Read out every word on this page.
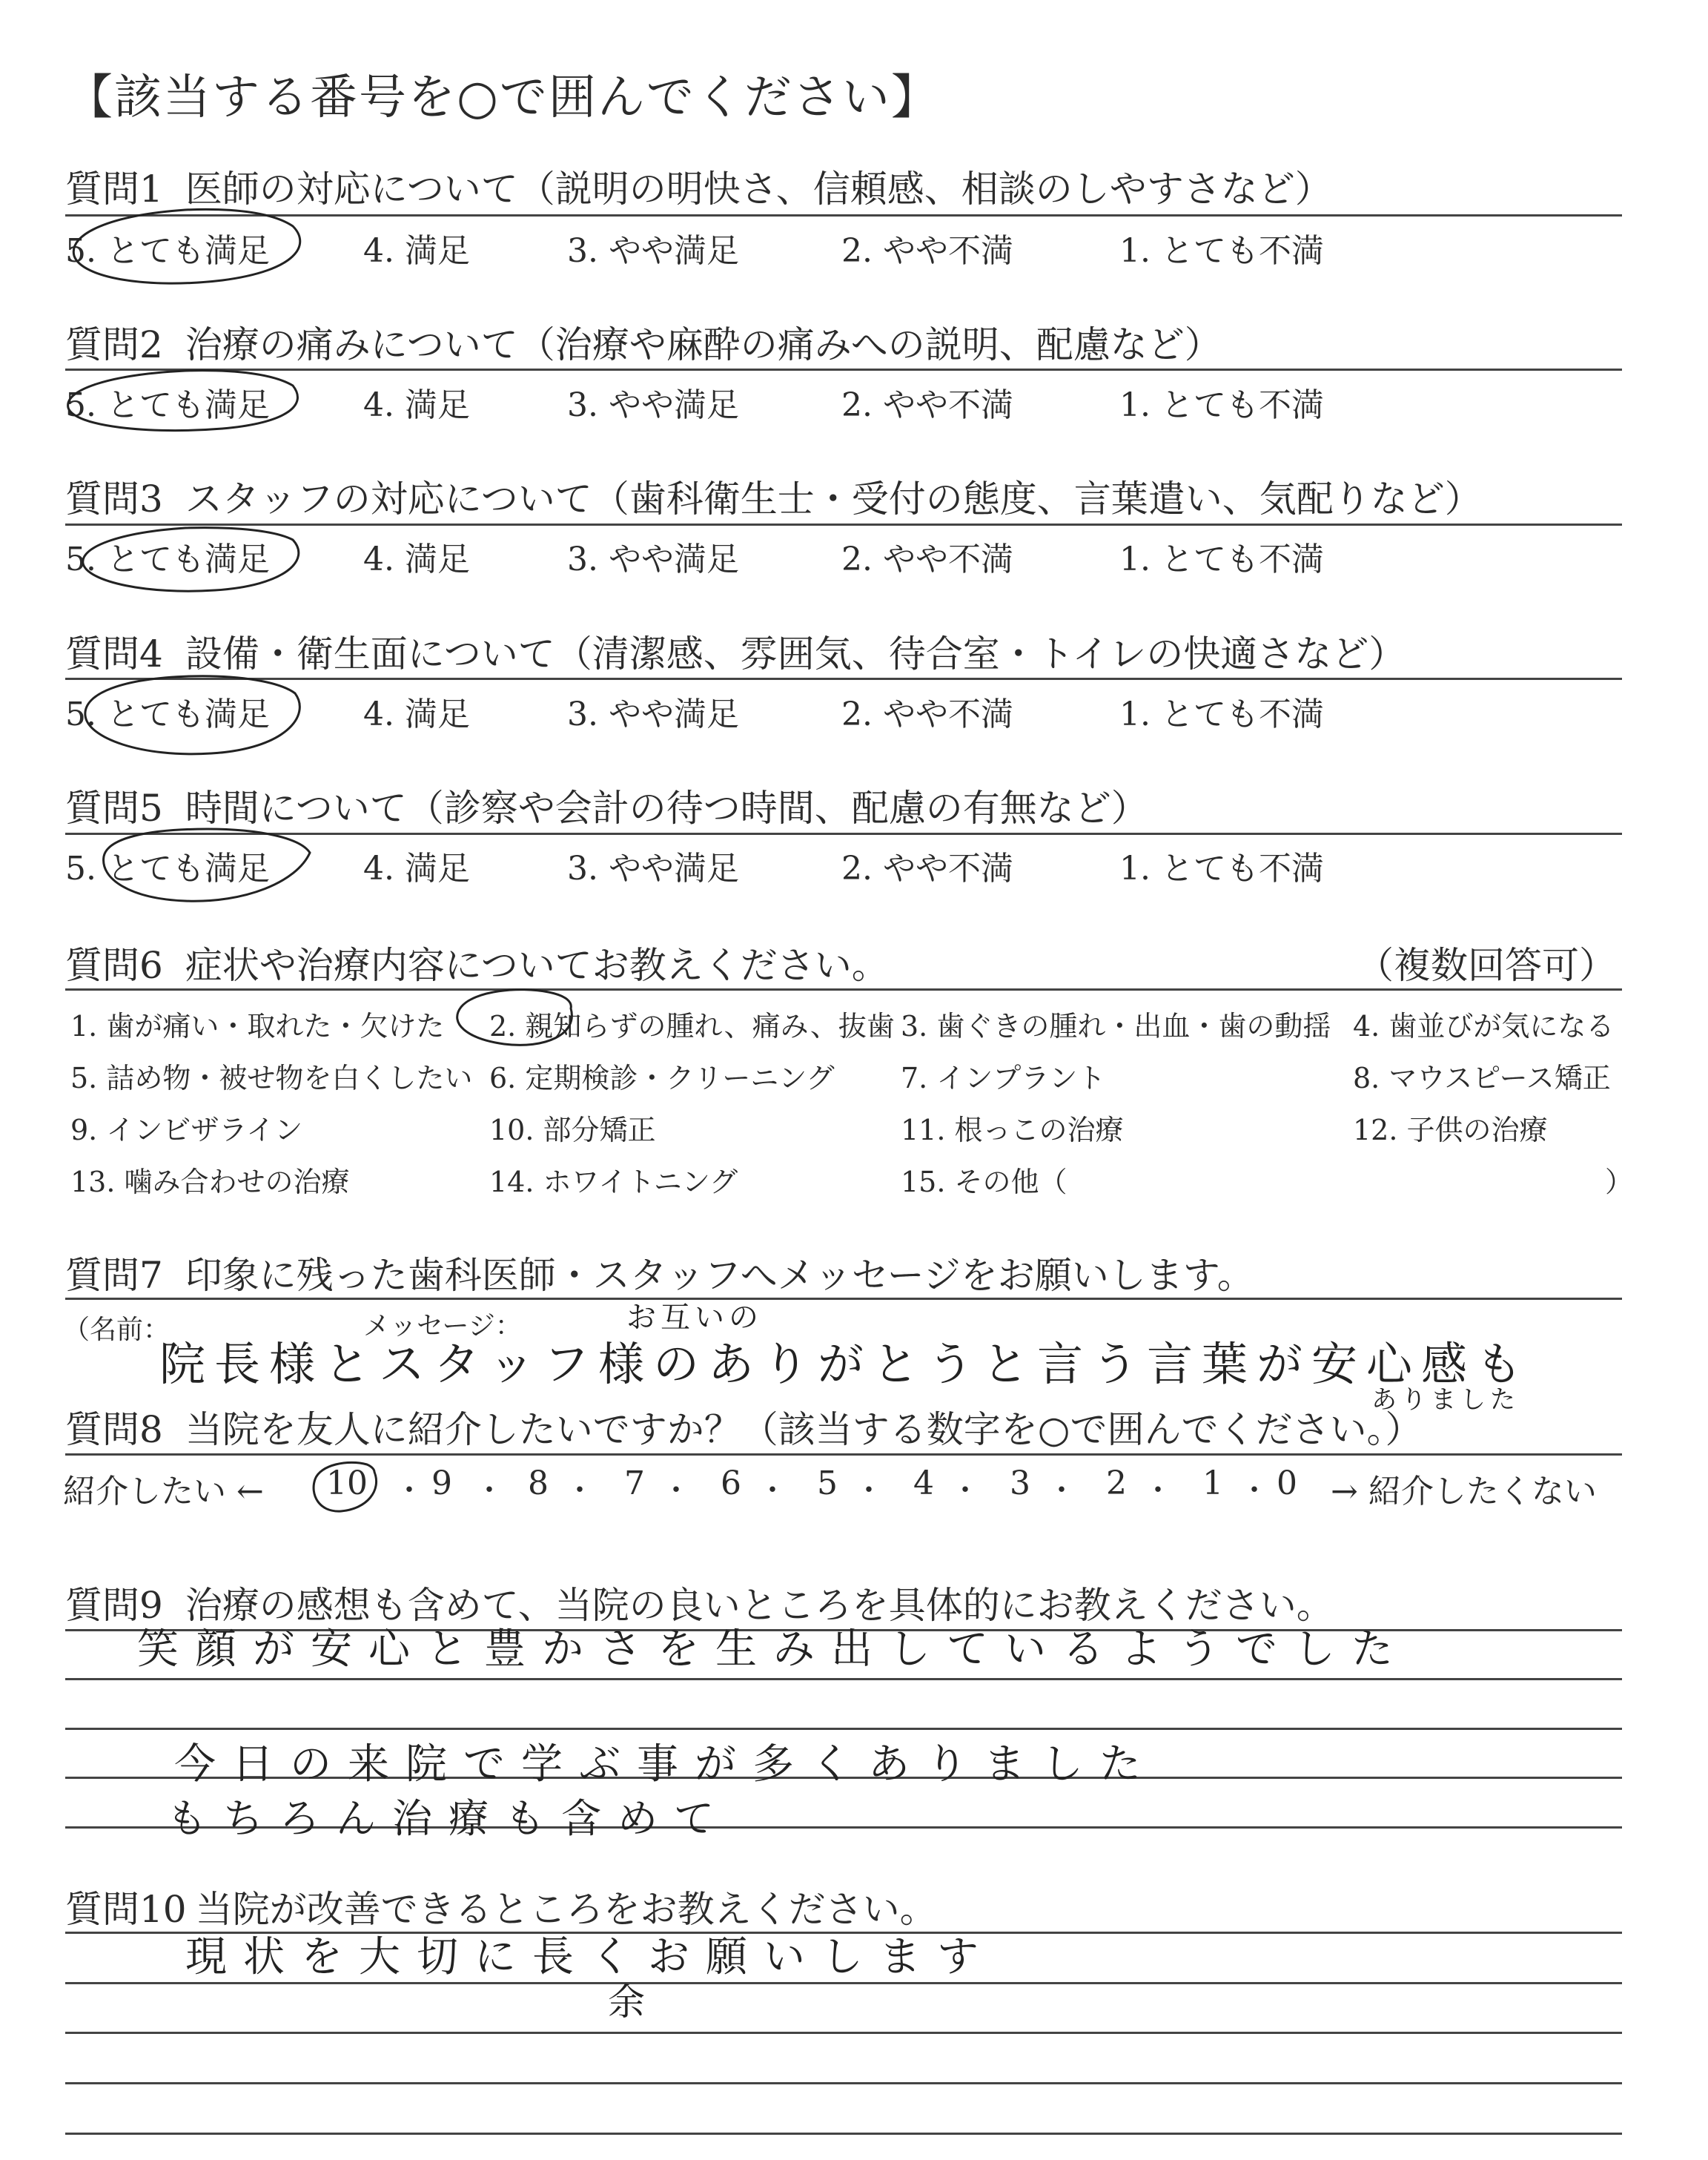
【該当する番号を○で囲んでください】
質問1 医師の対応について（説明の明快さ、信頼感、相談のしやすさなど）
5. とても満足	4. 満足	3. やや満足	2. やや不満	1. とても不満
質問2 治療の痛みについて（治療や麻酔の痛みへの説明、配慮など）
5. とても満足	4. 満足	3. やや満足	2. やや不満	1. とても不満
質問3 スタッフの対応について（歯科衛生士・受付の態度、言葉遣い、気配りなど）
5. とても満足	4. 満足	3. やや満足	2. やや不満	1. とても不満
質問4 設備・衛生面について（清潔感、雰囲気、待合室・トイレの快適さなど）
5. とても満足	4. 満足	3. やや満足	2. やや不満	1. とても不満
質問5 時間について（診察や会計の待つ時間、配慮の有無など）
5. とても満足	4. 満足	3. やや満足	2. やや不満	1. とても不満
質問6 症状や治療内容についてお教えください。	（複数回答可）
1. 歯が痛い・取れた・欠けた 2. 親知らずの腫れ、痛み、抜歯 3. 歯ぐきの腫れ・出血・歯の動揺 4. 歯並びが気になる
5. 詰め物・被せ物を白くしたい 6. 定期検診・クリーニング 7. インプラント	8. マウスピース矯正
9. インビザライン	10. 部分矯正	11. 根っこの治療	12. 子供の治療
13. 噛み合わせの治療	14. ホワイトニング	15. その他（	）
質問7 印象に残った歯科医師・スタッフへメッセージをお願いします。
（名前：	メッセージ：	お互いの
院長様とスタッフ様のありがとうと言う言葉が安心感も
ありました
質問8 当院を友人に紹介したいですか？（該当する数字を○で囲んでください。）
紹介したい ← 10 ・ 9 ・ 8 ・ 7 ・ 6 ・ 5 ・ 4 ・ 3 ・ 2 ・ 1 ・ 0 → 紹介したくない
質問9 治療の感想も含めて、当院の良いところを具体的にお教えください。
笑顔が安心と豊かさを生み出しているようでした
今日の来院で学ぶ事が多くありました
もちろん治療も含めて
質問10 当院が改善できるところをお教えください。
現状を大切に長くお願いします
余
